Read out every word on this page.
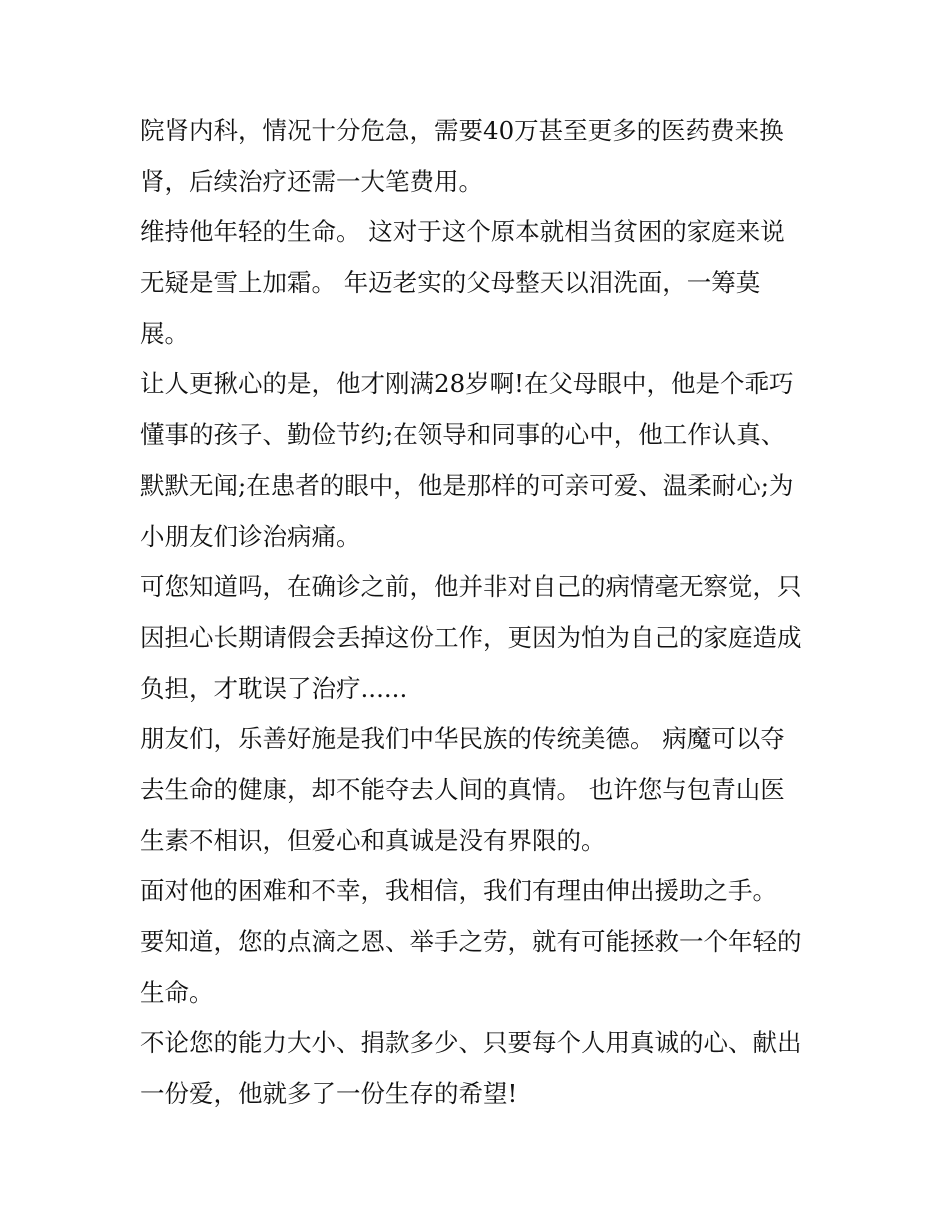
院肾内科，情况十分危急，需要40万甚至更多的医药费来换
肾，后续治疗还需一大笔费用。
维持他年轻的生命。 这对于这个原本就相当贫困的家庭来说
无疑是雪上加霜。 年迈老实的父母整天以泪洗面，一筹莫
展。
让人更揪心的是，他才刚满28岁啊!在父母眼中，他是个乖巧
懂事的孩子、勤俭节约;在领导和同事的心中，他工作认真、
默默无闻;在患者的眼中，他是那样的可亲可爱、温柔耐心;为
小朋友们诊治病痛。
可您知道吗，在确诊之前，他并非对自己的病情毫无察觉，只
因担心长期请假会丢掉这份工作，更因为怕为自己的家庭造成
负担，才耽误了治疗......
朋友们，乐善好施是我们中华民族的传统美德。 病魔可以夺
去生命的健康，却不能夺去人间的真情。 也许您与包青山医
生素不相识，但爱心和真诚是没有界限的。
面对他的困难和不幸，我相信，我们有理由伸出援助之手。
要知道，您的点滴之恩、举手之劳，就有可能拯救一个年轻的
生命。
不论您的能力大小、捐款多少、只要每个人用真诚的心、献出
一份爱，他就多了一份生存的希望!
